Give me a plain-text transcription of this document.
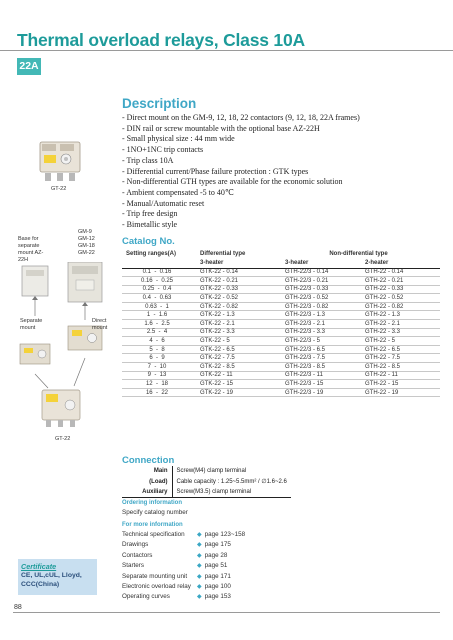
Thermal overload relays, Class 10A
22A
GT-22
Description
- Direct mount on the GM-9, 12, 18, 22 contactors (9, 12, 18, 22A frames)
- DIN rail or screw mountable with the optional base AZ-22H
- Small physical size : 44 mm wide
- 1NO+1NC trip contacts
- Trip class 10A
- Differential current/Phase failure protection : GTK types
- Non-differential GTH types are available for the economic solution
- Ambient compensated -5 to 40℃
- Manual/Automatic reset
- Trip free design
- Bimetallic style
Base for separate mount AZ-22H
GM-9 GM-12 GM-18 GM-22
Separate mount
Direct mount
GT-22
Catalog No.
Setting ranges(A)	Differential type	Non-differential type	
	3-heater	3-heater	2-heater
0.1  -  0.16	GTK-22 - 0.14	GTH-22/3 - 0.14	GTH-22 - 0.14
0.16  -  0.25	GTK-22 - 0.21	GTH-22/3 - 0.21	GTH-22 - 0.21
0.25  -  0.4	GTK-22 - 0.33	GTH-22/3 - 0.33	GTH-22 - 0.33
0.4  -  0.63	GTK-22 - 0.52	GTH-22/3 - 0.52	GTH-22 - 0.52
0.63  -  1	GTK-22 - 0.82	GTH-22/3 - 0.82	GTH-22 - 0.82
1  -  1.6	GTK-22 - 1.3	GTH-22/3 - 1.3	GTH-22 - 1.3
1.6  -  2.5	GTK-22 - 2.1	GTH-22/3 - 2.1	GTH-22 - 2.1
2.5  -  4	GTK-22 - 3.3	GTH-22/3 - 3.3	GTH-22 - 3.3
4  -  6	GTK-22 - 5	GTH-22/3 - 5	GTH-22 - 5
5  -  8	GTK-22 - 6.5	GTH-22/3 - 6.5	GTH-22 - 6.5
6  -  9	GTK-22 - 7.5	GTH-22/3 - 7.5	GTH-22 - 7.5
7  -  10	GTK-22 - 8.5	GTH-22/3 - 8.5	GTH-22 - 8.5
9  -  13	GTK-22 - 11	GTH-22/3 - 11	GTH-22 - 11
12  -  18	GTK-22 - 15	GTH-22/3 - 15	GTH-22 - 15
16  -  22	GTK-22 - 19	GTH-22/3 - 19	GTH-22 - 19
Connection
Main	Screw(M4) clamp terminal
(Load)	Cable capacity : 1.25~5.5mm² / ∅1.6~2.6
Auxiliary	Screw(M3.5) clamp terminal
Ordering information
Specify catalog number
For more information
Technical specification	◆ page 123~158
Drawings	◆ page 175
Contactors	◆ page 28
Starters	◆ page 51
Separate mounting unit	◆ page 171
Electronic overload relay	◆ page 100
Operating curves	◆ page 153
Certificate
CE, UL,cUL, Lloyd,
CCC(China)
88
